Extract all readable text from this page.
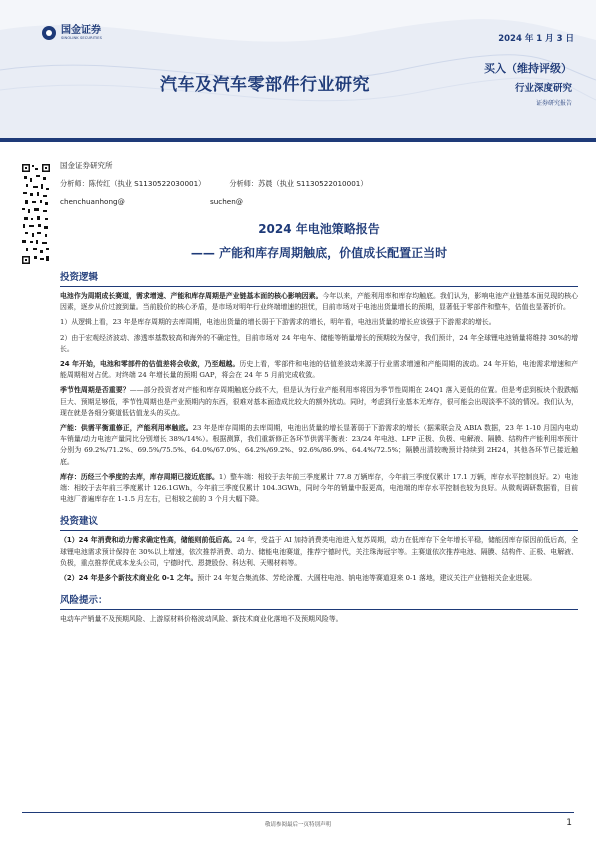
国金证券
SINOLINK SECURITIES	2024 年 1 月 3 日
汽车及汽车零部件行业研究
买入（维持评级）
行业深度研究
证券研究报告
国金证券研究所
分析师：陈传红（执业 S1130522030001）	分析师：苏晨（执业 S1130522010001）
chenchuanhong@	suchen@
2024 年电池策略报告
—— 产能和库存周期触底，价值成长配置正当时
投资逻辑

电池作为周期成长赛道，需求增速、产能和库存周期是产业链基本面的核心影响因素。今年以来，产能利用率和库存均触底。我们认为，影响电池产业链基本面兑现的核心因素，逐步从价过渡到量。当前股价的核心矛盾，是市场对明年行业终端增速的担忧，目前市场对于电池出货量增长的预期，显著低于零部件和整车，估值也显著折价。

1）从逻辑上看，23 年是库存周期的去库周期，电池出货量的增长弱于下游需求的增长，明年看，电池出货量的增长应该强于下游需求的增长。

2）由于宏观经济波动、渗透率基数较高和海外的不确定性，目前市场对 24 年电车、储能等销量增长的预期较为保守，我们预计，24 年全球锂电池销量将维持 30%的增长。

24 年开始，电池和零部件的估值差将会收敛，乃至超越。历史上看，零部件和电池的估值差波动来源于行业需求增速和产能周期的波动。24 年开始，电池需求增速和产能周期相对占优。对终端 24 年增长量的预期 GAP，将会在 24 年 5 月前完成收敛。

季节性周期是否重要？——部分投资者对产能和库存周期触底分歧不大，但是认为行业产能利用率将因为季节性周期在 24Q1 落入更低的位置。但是考虑到板块个股跌幅巨大、预期足够低，季节性周期也是产业预期内的东西，很难对基本面造成比较大的额外扰动。同时，考虑到行业基本无库存，很可能会出现淡季不淡的情况。我们认为，现在就是各细分赛道低估值龙头的买点。

产能：供需平衡重修正，产能利用率触底。23 年是库存周期的去库周期，电池出货量的增长显著弱于下游需求的增长（据乘联会及 ABIA 数据，23 年 1-10 月国内电动车销量/动力电池产量同比分别增长 38%/14%）。根据测算，我们重新修正各环节供需平衡表：23/24 年电池、LFP 正极、负极、电解液、隔膜、结构件产能利用率预计分别为 69.2%/71.2%、69.5%/75.5%、64.0%/67.0%、64.2%/69.2%、92.6%/86.9%、64.4%/72.5%；隔膜出清较晚预计持续到 2H24，其他各环节已接近触底。

库存：历经三个季度的去库，库存周期已接近底部。1）整车端：相较于去年前三季度累计 77.8 万辆库存，今年前三季度仅累计 17.1 万辆，库存水平控制良好。2）电池端：相较于去年前三季度累计 126.1GWh，今年前三季度仅累计 104.3GWh，同时今年的销量中报更高，电池端的库存水平控制也较为良好。从微观调研数据看，目前电池厂普遍库存在 1-1.5 月左右，已相较之前的 3 个月大幅下降。

投资建议

（1）24 年消费和动力需求确定性高，储能则前低后高。24 年，受益于 AI 加持消费类电池进入复苏周期，动力在低库存下全年增长平稳，储能因库存原因前低后高，全球锂电池需求预计保持在 30%以上增速，依次推荐消费、动力、储能电池赛道，推荐宁德时代，关注珠海冠宇等。主赛道依次推荐电池、隔膜、结构件、正极、电解液、负极，重点推荐优成本龙头公司，宁德时代、恩捷股份、科达利、天赐材料等。

（2）24 年是多个新技术商业化 0-1 之年。预计 24 年复合集流体、芳纶涂覆、大圆柱电池、钠电池等赛道迎来 0-1 落地，建议关注产业链相关企业进展。

风险提示：

电动车产销量不及预期风险、上游原材料价格波动风险、新技术商业化落地不及预期风险等。

敬请参阅最后一页特别声明	1
